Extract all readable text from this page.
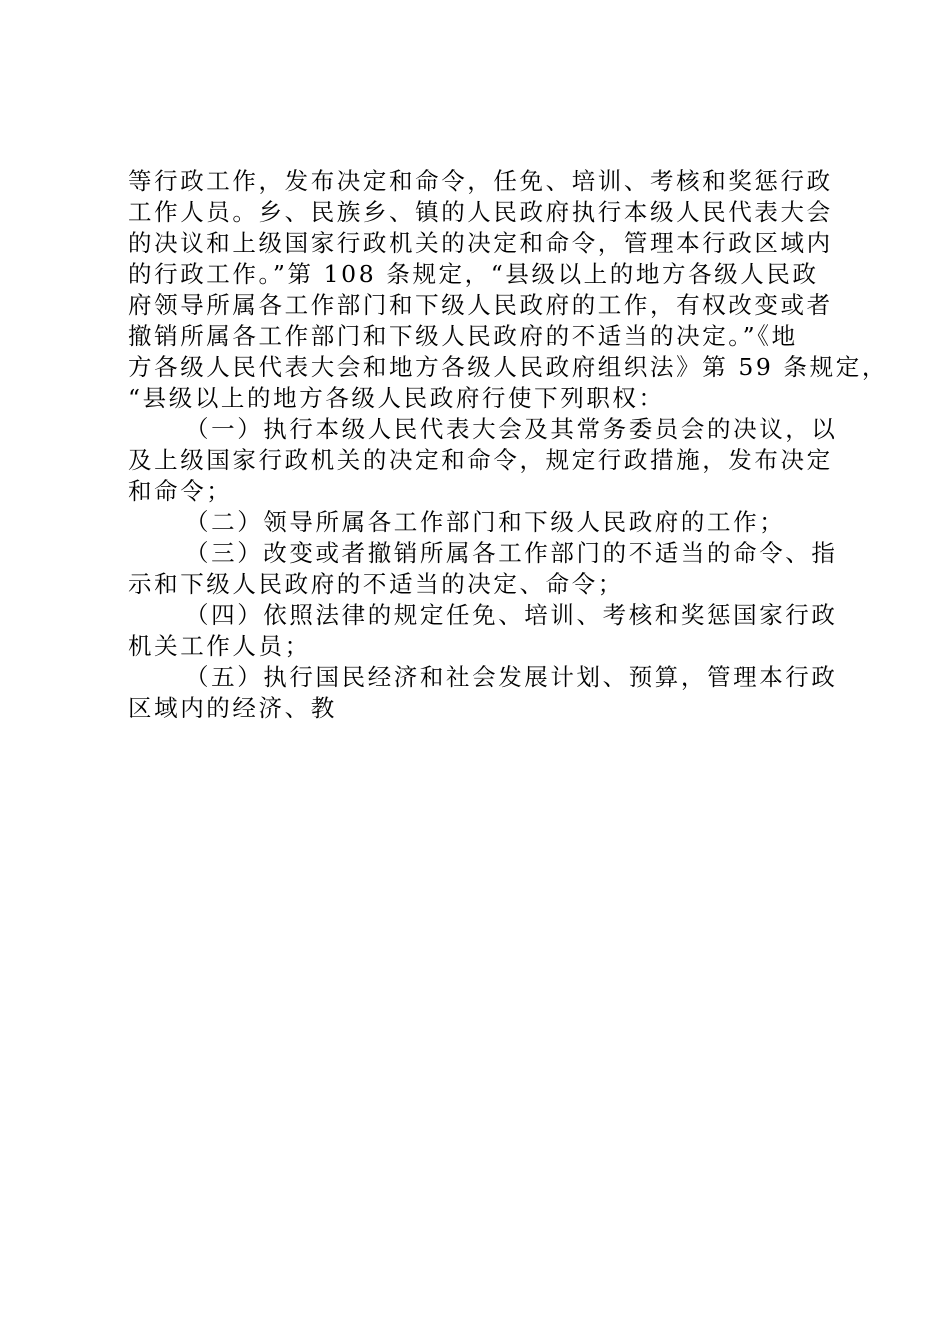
等行政工作，发布决定和命令，任免、培训、考核和奖惩行政
工作人员。乡、民族乡、镇的人民政府执行本级人民代表大会
的决议和上级国家行政机关的决定和命令，管理本行政区域内
的行政工作。”第 108 条规定，“县级以上的地方各级人民政
府领导所属各工作部门和下级人民政府的工作，有权改变或者
撤销所属各工作部门和下级人民政府的不适当的决定。”《地
方各级人民代表大会和地方各级人民政府组织法》第 59 条规定，
“县级以上的地方各级人民政府行使下列职权：
（一）执行本级人民代表大会及其常务委员会的决议，以
及上级国家行政机关的决定和命令，规定行政措施，发布决定
和命令；
（二）领导所属各工作部门和下级人民政府的工作；
（三）改变或者撤销所属各工作部门的不适当的命令、指
示和下级人民政府的不适当的决定、命令；
（四）依照法律的规定任免、培训、考核和奖惩国家行政
机关工作人员；
（五）执行国民经济和社会发展计划、预算，管理本行政
区域内的经济、教
